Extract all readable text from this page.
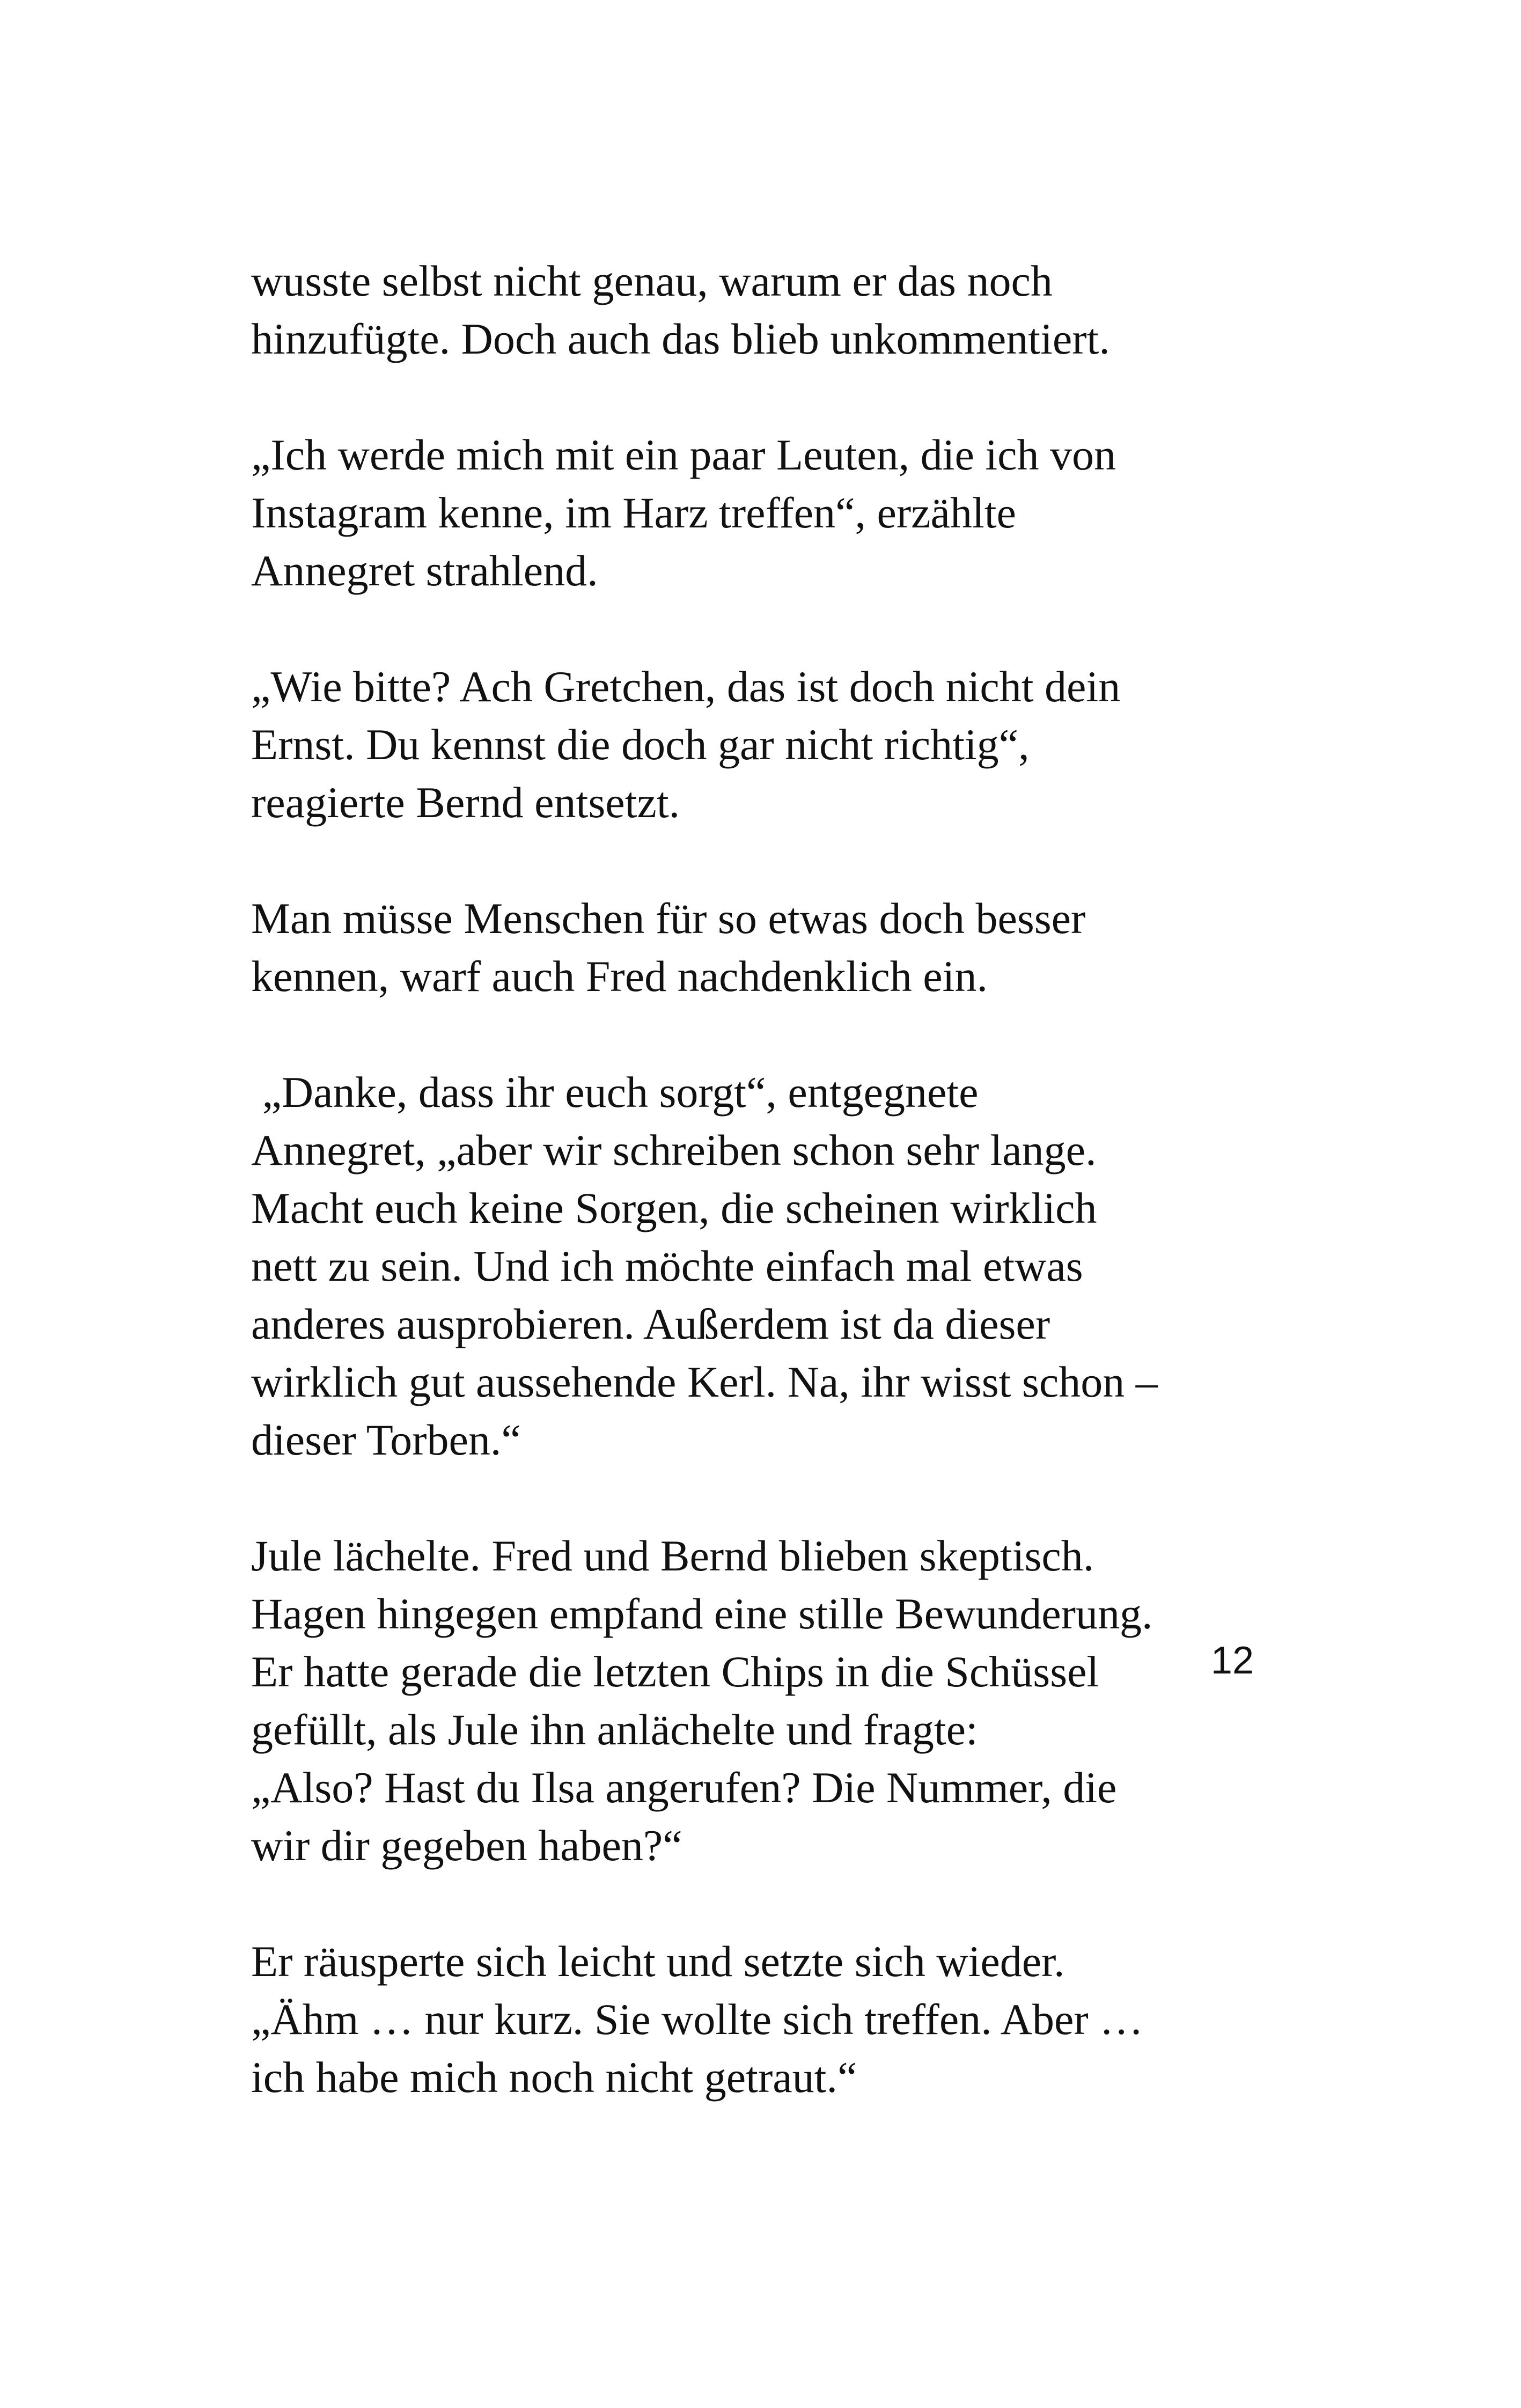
wusste selbst nicht genau, warum er das noch
hinzufügte. Doch auch das blieb unkommentiert.
„Ich werde mich mit ein paar Leuten, die ich von
Instagram kenne, im Harz treffen“, erzählte
Annegret strahlend.
„Wie bitte? Ach Gretchen, das ist doch nicht dein
Ernst. Du kennst die doch gar nicht richtig“,
reagierte Bernd entsetzt.
Man müsse Menschen für so etwas doch besser
kennen, warf auch Fred nachdenklich ein.
„Danke, dass ihr euch sorgt“, entgegnete
Annegret, „aber wir schreiben schon sehr lange.
Macht euch keine Sorgen, die scheinen wirklich
nett zu sein. Und ich möchte einfach mal etwas
anderes ausprobieren. Außerdem ist da dieser
wirklich gut aussehende Kerl. Na, ihr wisst schon –
dieser Torben.“
Jule lächelte. Fred und Bernd blieben skeptisch.
Hagen hingegen empfand eine stille Bewunderung.
Er hatte gerade die letzten Chips in die Schüssel
gefüllt, als Jule ihn anlächelte und fragte:
„Also? Hast du Ilsa angerufen? Die Nummer, die
wir dir gegeben haben?“
Er räusperte sich leicht und setzte sich wieder.
„Ähm … nur kurz. Sie wollte sich treffen. Aber …
ich habe mich noch nicht getraut.“
12
